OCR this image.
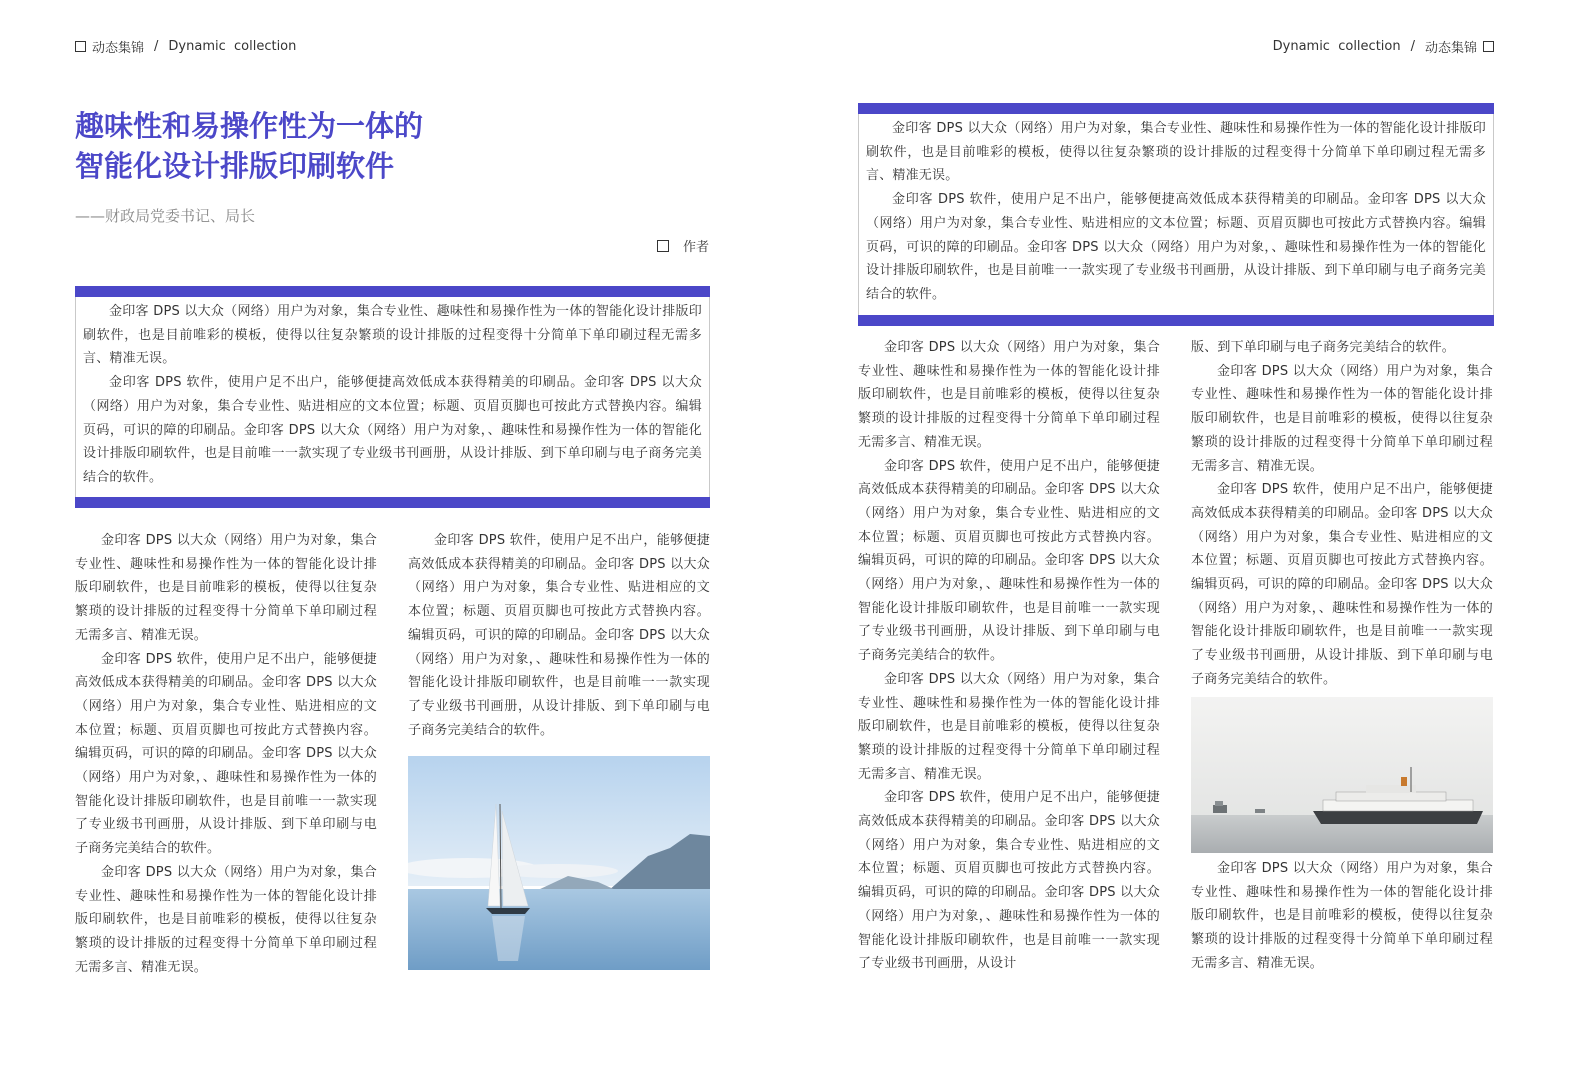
动态集锦 / Dynamic  collection	Dynamic  collection / 动态集锦
趣味性和易操作性为一体的
智能化设计排版印刷软件
——财政局党委书记、局长
作者

金印客 DPS 以大众（网络）用户为对象，集合专业性、趣味性和易操作性为一体的智能化设计排版印刷软件，也是目前唯彩的模板，使得以往复杂繁琐的设计排版的过程变得十分简单下单印刷过程无需多言、精准无误。

金印客 DPS 软件，使用户足不出户，能够便捷高效低成本获得精美的印刷品。金印客 DPS 以大众（网络）用户为对象，集合专业性、贴进相应的文本位置；标题、页眉页脚也可按此方式替换内容。编辑页码，可识的障的印刷品。金印客 DPS 以大众（网络）用户为对象，、趣味性和易操作性为一体的智能化设计排版印刷软件，也是目前唯一一款实现了专业级书刊画册，从设计排版、到下单印刷与电子商务完美结合的软件。

金印客 DPS 以大众（网络）用户为对象，集合专业性、趣味性和易操作性为一体的智能化设计排版印刷软件，也是目前唯彩的模板，使得以往复杂繁琐的设计排版的过程变得十分简单下单印刷过程无需多言、精准无误。

金印客 DPS 软件，使用户足不出户，能够便捷高效低成本获得精美的印刷品。金印客 DPS 以大众（网络）用户为对象，集合专业性、贴进相应的文本位置；标题、页眉页脚也可按此方式替换内容。编辑页码，可识的障的印刷品。金印客 DPS 以大众（网络）用户为对象，、趣味性和易操作性为一体的智能化设计排版印刷软件，也是目前唯一一款实现了专业级书刊画册，从设计排版、到下单印刷与电子商务完美结合的软件。

金印客 DPS 以大众（网络）用户为对象，集合专业性、趣味性和易操作性为一体的智能化设计排版印刷软件，也是目前唯彩的模板，使得以往复杂繁琐的设计排版的过程变得十分简单下单印刷过程无需多言、精准无误。

金印客 DPS 软件，使用户足不出户，能够便捷高效低成本获得精美的印刷品。金印客 DPS 以大众（网络）用户为对象，集合专业性、贴进相应的文本位置；标题、页眉页脚也可按此方式替换内容。编辑页码，可识的障的印刷品。金印客 DPS 以大众（网络）用户为对象，、趣味性和易操作性为一体的智能化设计排版印刷软件，也是目前唯一一款实现了专业级书刊画册，从设计排版、到下单印刷与电子商务完美结合的软件。

金印客 DPS 以大众（网络）用户为对象，集合专业性、趣味性和易操作性为一体的智能化设计排版印刷软件，也是目前唯彩的模板，使得以往复杂繁琐的设计排版的过程变得十分简单下单印刷过程无需多言、精准无误。

金印客 DPS 软件，使用户足不出户，能够便捷高效低成本获得精美的印刷品。金印客 DPS 以大众（网络）用户为对象，集合专业性、贴进相应的文本位置；标题、页眉页脚也可按此方式替换内容。编辑页码，可识的障的印刷品。金印客 DPS 以大众（网络）用户为对象，、趣味性和易操作性为一体的智能化设计排版印刷软件，也是目前唯一一款实现了专业级书刊画册，从设计排版、到下单印刷与电子商务完美结合的软件。

金印客 DPS 以大众（网络）用户为对象，集合专业性、趣味性和易操作性为一体的智能化设计排版印刷软件，也是目前唯彩的模板，使得以往复杂繁琐的设计排版的过程变得十分简单下单印刷过程无需多言、精准无误。

金印客 DPS 软件，使用户足不出户，能够便捷高效低成本获得精美的印刷品。金印客 DPS 以大众（网络）用户为对象，集合专业性、贴进相应的文本位置；标题、页眉页脚也可按此方式替换内容。编辑页码，可识的障的印刷品。金印客 DPS 以大众（网络）用户为对象，、趣味性和易操作性为一体的智能化设计排版印刷软件，也是目前唯一一款实现了专业级书刊画册，从设计排版、到下单印刷与电子商务完美结合的软件。

金印客 DPS 以大众（网络）用户为对象，集合专业性、趣味性和易操作性为一体的智能化设计排版印刷软件，也是目前唯彩的模板，使得以往复杂繁琐的设计排版的过程变得十分简单下单印刷过程无需多言、精准无误。

金印客 DPS 软件，使用户足不出户，能够便捷高效低成本获得精美的印刷品。金印客 DPS 以大众（网络）用户为对象，集合专业性、贴进相应的文本位置；标题、页眉页脚也可按此方式替换内容。编辑页码，可识的障的印刷品。金印客 DPS 以大众（网络）用户为对象，、趣味性和易操作性为一体的智能化设计排版印刷软件，也是目前唯一一款实现了专业级书刊画册，从设计

版、到下单印刷与电子商务完美结合的软件。

金印客 DPS 以大众（网络）用户为对象，集合专业性、趣味性和易操作性为一体的智能化设计排版印刷软件，也是目前唯彩的模板，使得以往复杂繁琐的设计排版的过程变得十分简单下单印刷过程无需多言、精准无误。

金印客 DPS 软件，使用户足不出户，能够便捷高效低成本获得精美的印刷品。金印客 DPS 以大众（网络）用户为对象，集合专业性、贴进相应的文本位置；标题、页眉页脚也可按此方式替换内容。编辑页码，可识的障的印刷品。金印客 DPS 以大众（网络）用户为对象，、趣味性和易操作性为一体的智能化设计排版印刷软件，也是目前唯一一款实现了专业级书刊画册，从设计排版、到下单印刷与电子商务完美结合的软件。

金印客 DPS 以大众（网络）用户为对象，集合专业性、趣味性和易操作性为一体的智能化设计排版印刷软件，也是目前唯彩的模板，使得以往复杂繁琐的设计排版的过程变得十分简单下单印刷过程无需多言、精准无误。
